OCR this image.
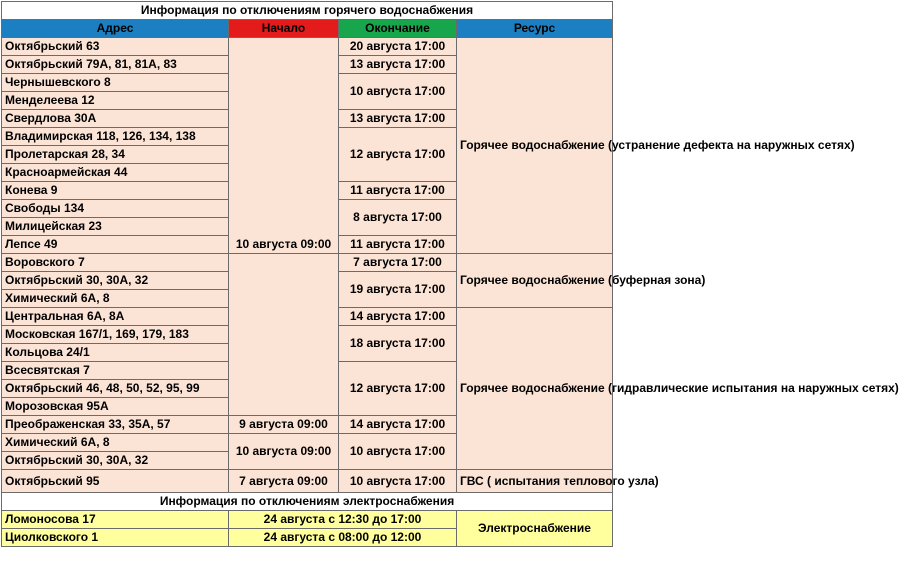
Информация по отключениям горячего водоснабжения			
Адрес	Начало	Окончание	Ресурс
Октябрьский 63	10 августа 09:00	20 августа 17:00	Горячее водоснабжение (устранение дефекта на наружных сетях)
Октябрьский 79А, 81, 81А, 83		13 августа 17:00	
Чернышевского 8		10 августа 17:00	
Менделеева 12			
Свердлова 30А		13 августа 17:00	
Владимирская 118, 126, 134, 138		12 августа 17:00	
Пролетарская 28, 34			
Красноармейская 44			
Конева 9		11 августа 17:00	
Свободы 134		8 августа 17:00	
Милицейская 23			
Лепсе 49		11 августа 17:00	
Воровского 7		7 августа 17:00	Горячее водоснабжение (буферная зона)
Октябрьский 30, 30А, 32		19 августа 17:00	
Химический 6А, 8			
Центральная 6А, 8А		14 августа 17:00	Горячее водоснабжение (гидравлические испытания на наружных сетях)
Московская 167/1, 169, 179, 183		18 августа 17:00	
Кольцова 24/1			
Всесвятская 7		12 августа 17:00	
Октябрьский 46, 48, 50, 52, 95, 99			
Морозовская 95А			
Преображенская 33, 35А, 57	9 августа 09:00	14 августа 17:00	
Химический 6А, 8	10 августа 09:00	10 августа 17:00	
Октябрьский 30, 30А, 32			
Октябрьский 95	7 августа 09:00	10 августа 17:00	ГВС ( испытания теплового узла)
Информация по отключениям электроснабжения			
Ломоносова 17	24 августа с 12:30 до 17:00		Электроснабжение
Циолковского 1	24 августа с 08:00 до 12:00		
